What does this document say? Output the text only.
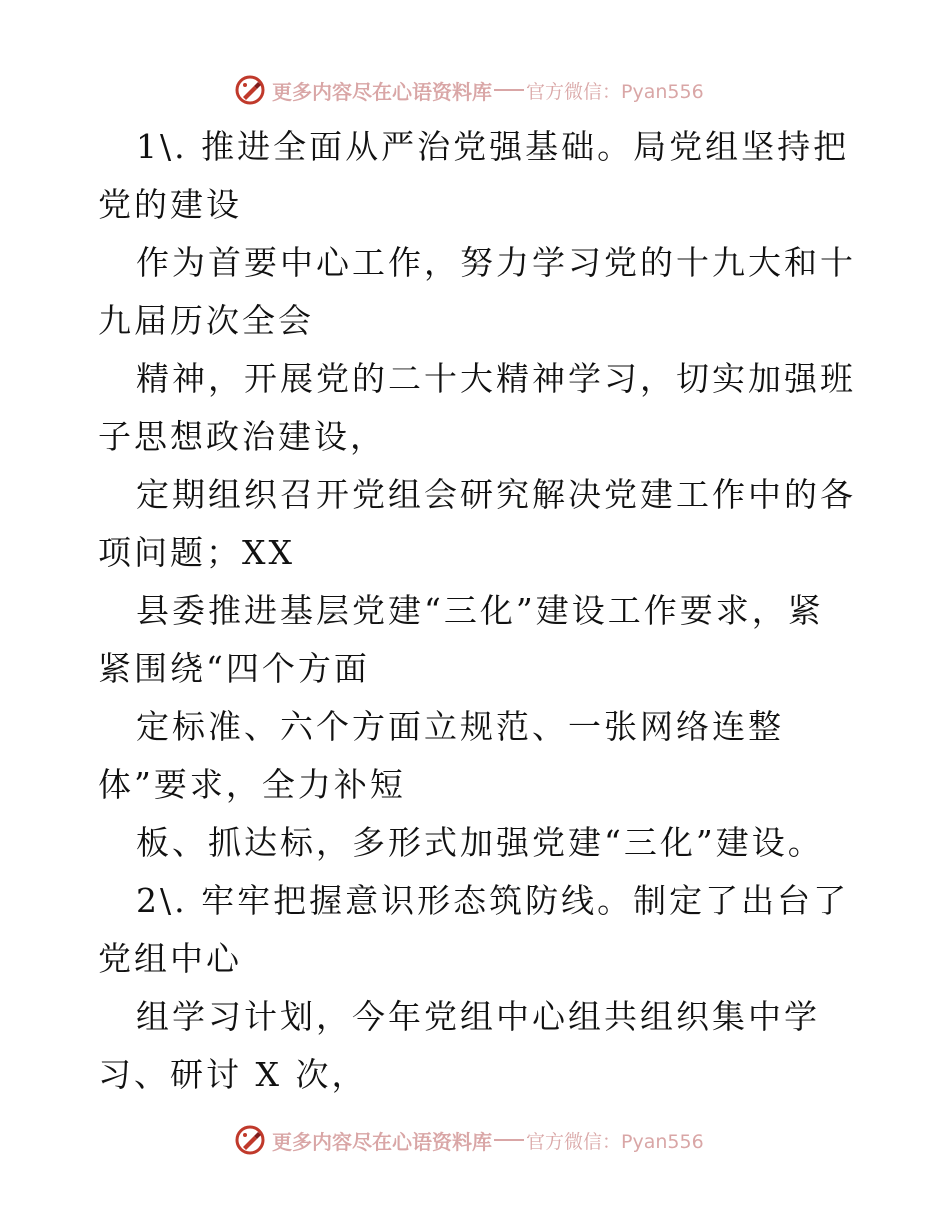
更多内容尽在心语资料库 官方微信：Pyan556

1\. 推进全面从严治党强基础。局党组坚持把党的建设

作为首要中心工作，努力学习党的十九大和十九届历次全会

精神，开展党的二十大精神学习，切实加强班子思想政治建设，

定期组织召开党组会研究解决党建工作中的各项问题；XX

县委推进基层党建“三化”建设工作要求，紧紧围绕“四个方面

定标准、六个方面立规范、一张网络连整体”要求，全力补短

板、抓达标，多形式加强党建“三化”建设。

2\. 牢牢把握意识形态筑防线。制定了出台了党组中心

组学习计划，今年党组中心组共组织集中学习、研讨 X 次，

更多内容尽在心语资料库 官方微信：Pyan556
